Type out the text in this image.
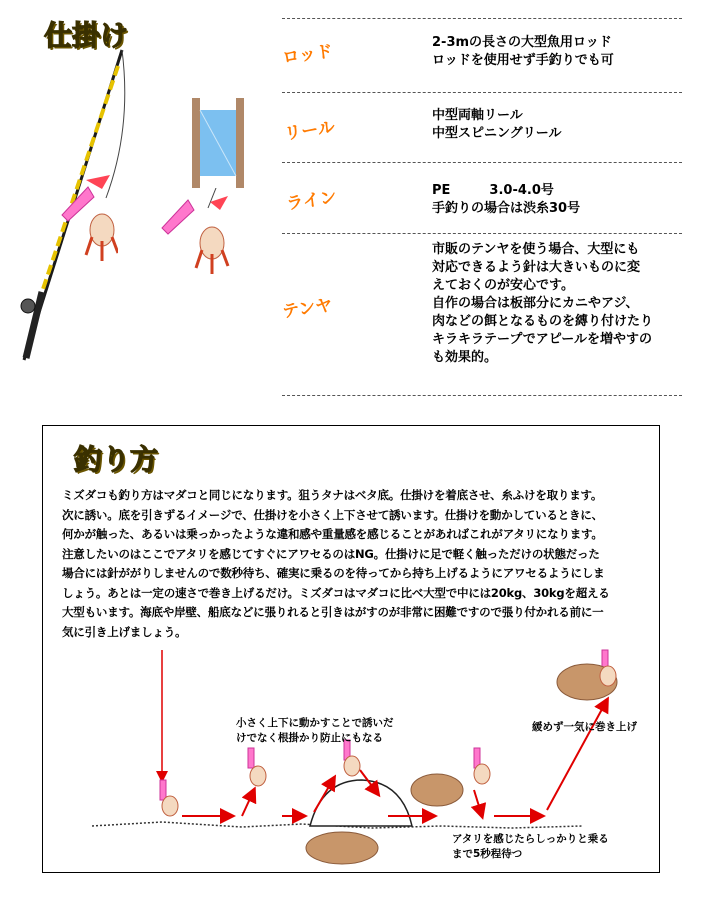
仕掛け
ロッド	2-3mの長さの大型魚用ロッド
ロッドを使用せず手釣りでも可
リール
中型両軸リール
中型スピニングリール
ライン	PE　　　3.0-4.0号
手釣りの場合は渋糸30号
テンヤ
市販のテンヤを使う場合、大型にも
対応できるよう針は大きいものに変
えておくのが安心です。
自作の場合は板部分にカニやアジ、
肉などの餌となるものを縛り付けたり
キラキラテープでアピールを増やすの
も効果的。
釣り方
ミズダコも釣り方はマダコと同じになります。狙うタナはベタ底。仕掛けを着底させ、糸ふけを取ります。次に誘い。底を引きずるイメージで、仕掛けを小さく上下させて誘います。仕掛けを動かしているときに、何かが触った、あるいは乗っかったような違和感や重量感を感じることがあればこれがアタリになります。注意したいのはここでアタリを感じてすぐにアワセるのはNG。仕掛けに足で軽く触っただけの状態だった場合には針ががりしませんので数秒待ち、確実に乗るのを待ってから持ち上げるようにアワセるようにしましょう。あとは一定の速さで巻き上げるだけ。ミズダコはマダコに比べ大型で中には20kg、30kgを超える大型もいます。海底や岸壁、船底などに張りれると引きはがすのが非常に困難ですので張り付かれる前に一気に引き上げましょう。
小さく上下に動かすことで誘いだ
けでなく根掛かり防止にもなる
緩めず一気に巻き上げ
アタリを感じたらしっかりと乗る
まで5秒程待つ
